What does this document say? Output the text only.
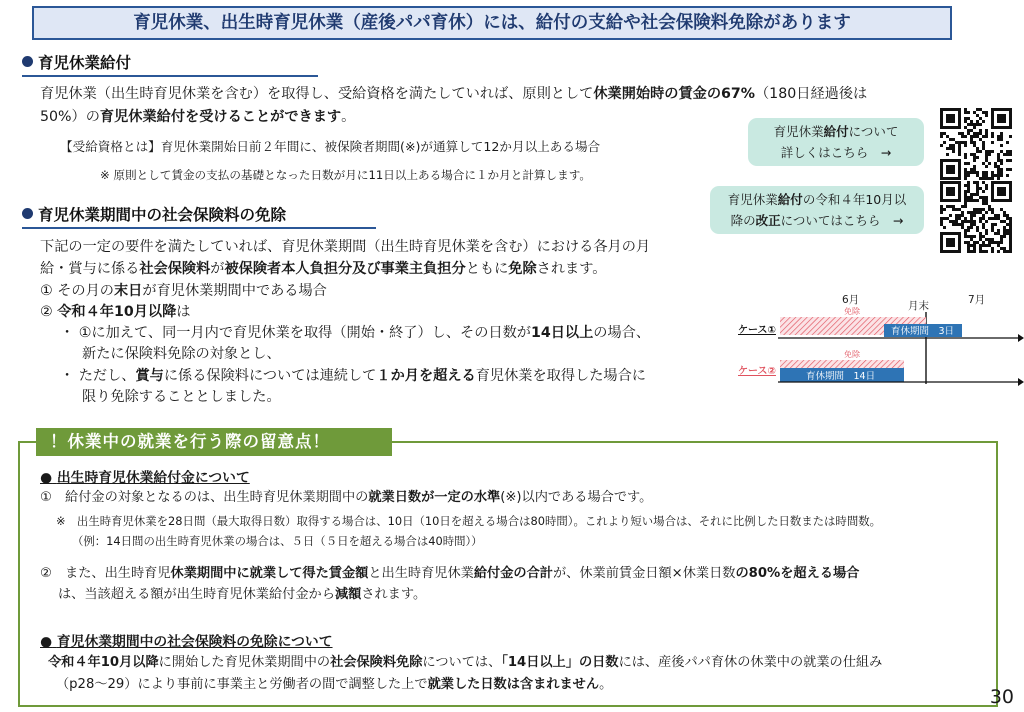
育児休業、出生時育児休業（産後パパ育休）には、給付の支給や社会保険料免除があります
育児休業給付
育児休業（出生時育児休業を含む）を取得し、受給資格を満たしていれば、原則として休業開始時の賃金の67%（180日経過後は
50%）の育児休業給付を受けることができます。
【受給資格とは】育児休業開始日前２年間に、被保険者期間(※)が通算して12か月以上ある場合
※ 原則として賃金の支払の基礎となった日数が月に11日以上ある場合に１か月と計算します。
育児休業給付について
詳しくはこちら　→
育児休業給付の令和４年10月以
降の改正についてはこちら　→
育児休業期間中の社会保険料の免除
下記の一定の要件を満たしていれば、育児休業期間（出生時育児休業を含む）における各月の月
給・賞与に係る社会保険料が被保険者本人負担分及び事業主負担分ともに免除されます。
① その月の末日が育児休業期間中である場合
② 令和４年10月以降は
・ ①に加えて、同一月内で育児休業を取得（開始・終了）し、その日数が14日以上の場合、
新たに保険料免除の対象とし、
・ ただし、賞与に係る保険料については連続して１か月を超える育児休業を取得した場合に
限り免除することとしました。
6月	月末	7月
免除
育休期間　3日
ケース①
免除
育休期間　14日
ケース②
！休業中の就業を行う際の留意点！
● 出生時育児休業給付金について
①　給付金の対象となるのは、出生時育児休業期間中の就業日数が一定の水準(※)以内である場合です。
※　出生時育児休業を28日間（最大取得日数）取得する場合は、10日（10日を超える場合は80時間）。これより短い場合は、それに比例した日数または時間数。
（例：14日間の出生時育児休業の場合は、５日（５日を超える場合は40時間））
②　また、出生時育児休業期間中に就業して得た賃金額と出生時育児休業給付金の合計が、休業前賃金日額×休業日数の80%を超える場合
は、当該超える額が出生時育児休業給付金から減額されます。
● 育児休業期間中の社会保険料の免除について
令和４年10月以降に開始した育児休業期間中の社会保険料免除については、「14日以上」の日数には、産後パパ育休の休業中の就業の仕組み
（p28～29）により事前に事業主と労働者の間で調整した上で就業した日数は含まれません。
30
